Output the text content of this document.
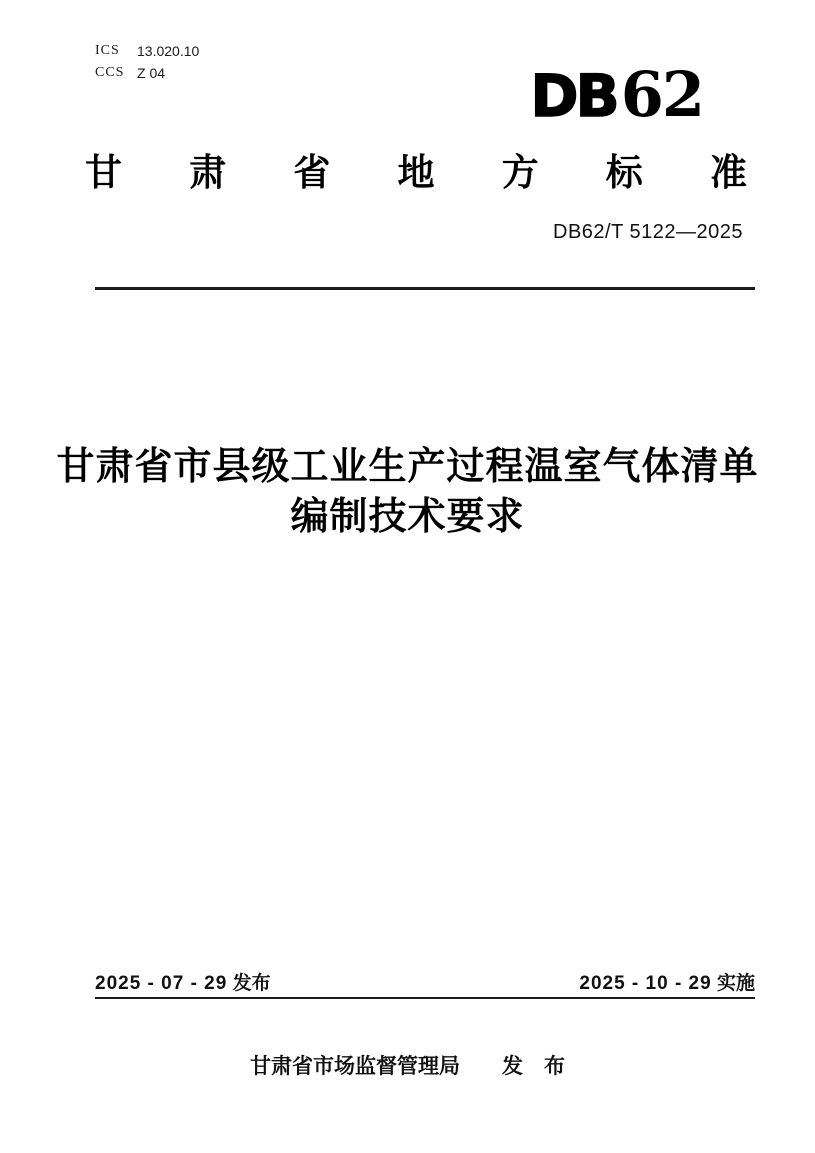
ICS	13.020.10
CCS Z 04	DB62
甘 肃 省 地 方 标 准
DB62/T 5122—2025
甘肃省市县级工业生产过程温室气体清单
编制技术要求
2025 - 07 - 29 发布	2025 - 10 - 29 实施
甘肃省市场监督管理局 发　布
